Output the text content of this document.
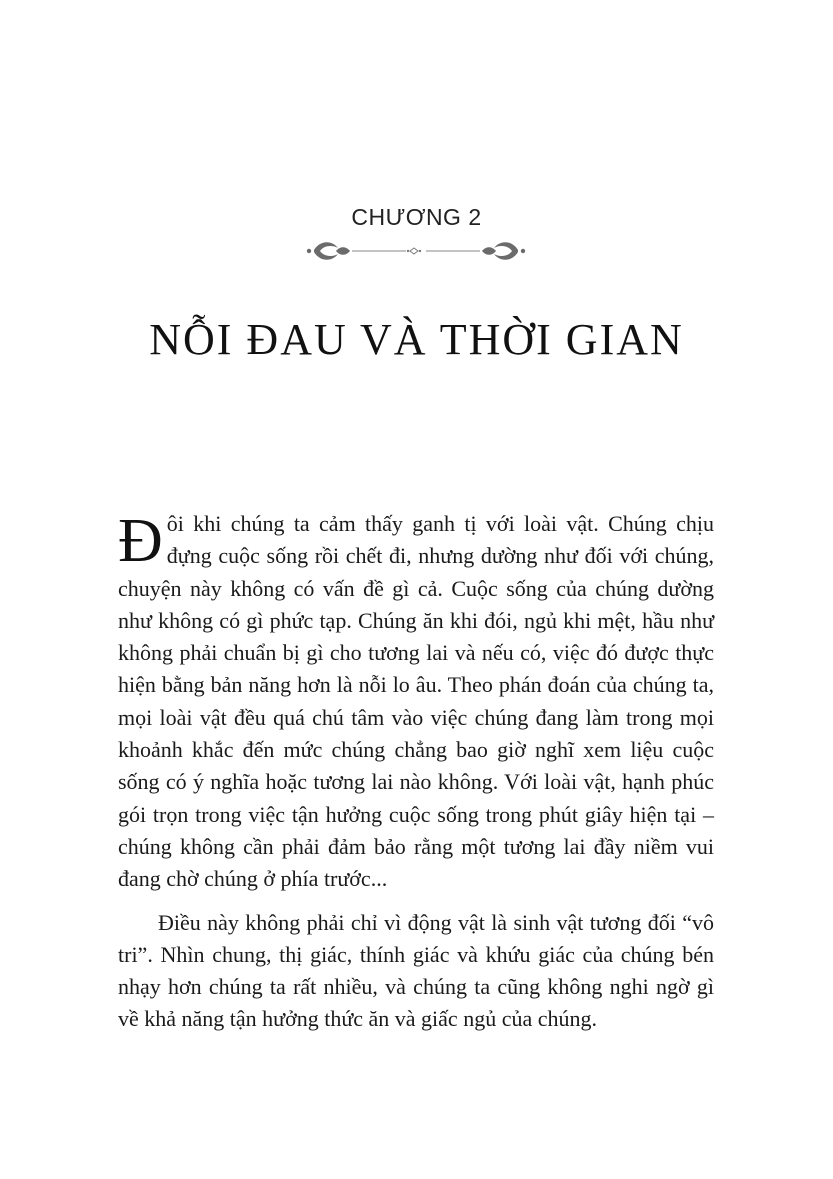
CHƯƠNG 2
NỖI ĐAU VÀ THỜI GIAN

Đôi khi chúng ta cảm thấy ganh tị với loài vật. Chúng chịu đựng cuộc sống rồi chết đi, nhưng dường như đối với chúng, chuyện này không có vấn đề gì cả. Cuộc sống của chúng dường như không có gì phức tạp. Chúng ăn khi đói, ngủ khi mệt, hầu như không phải chuẩn bị gì cho tương lai và nếu có, việc đó được thực hiện bằng bản năng hơn là nỗi lo âu. Theo phán đoán của chúng ta, mọi loài vật đều quá chú tâm vào việc chúng đang làm trong mọi khoảnh khắc đến mức chúng chẳng bao giờ nghĩ xem liệu cuộc sống có ý nghĩa hoặc tương lai nào không. Với loài vật, hạnh phúc gói trọn trong việc tận hưởng cuộc sống trong phút giây hiện tại – chúng không cần phải đảm bảo rằng một tương lai đầy niềm vui đang chờ chúng ở phía trước...

Điều này không phải chỉ vì động vật là sinh vật tương đối “vô tri”. Nhìn chung, thị giác, thính giác và khứu giác của chúng bén nhạy hơn chúng ta rất nhiều, và chúng ta cũng không nghi ngờ gì về khả năng tận hưởng thức ăn và giấc ngủ của chúng.
